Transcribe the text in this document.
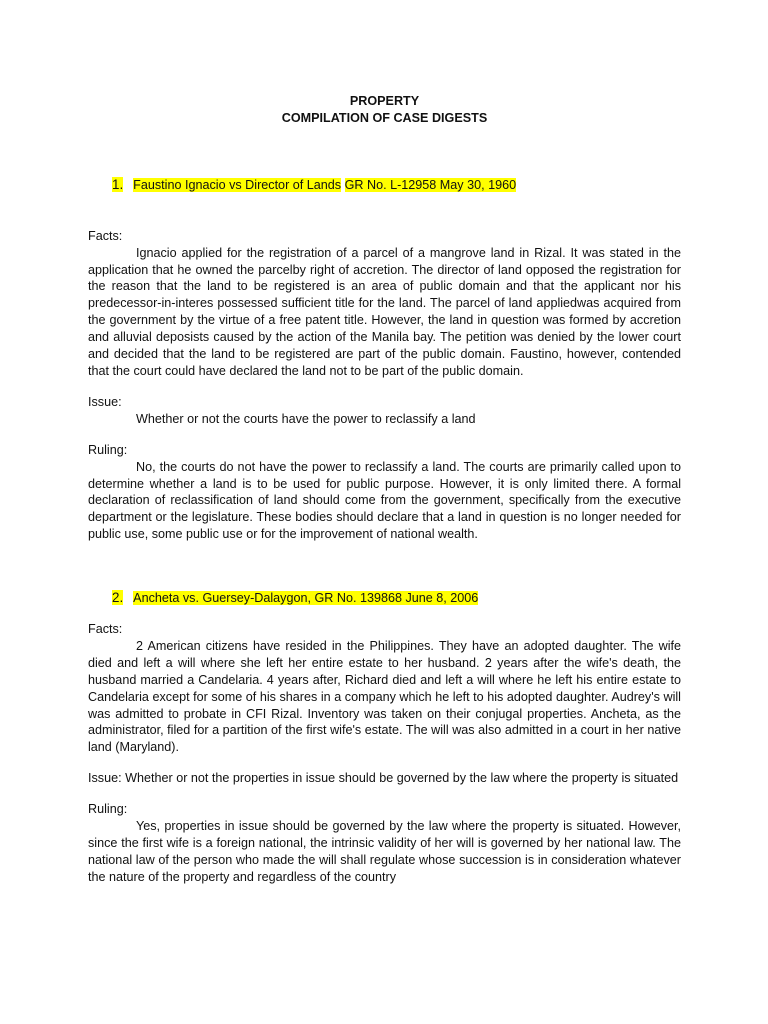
PROPERTY

COMPILATION OF CASE DIGESTS

1. Faustino Ignacio vs Director of Lands GR No. L-12958 May 30, 1960

Facts:

Ignacio applied for the registration of a parcel of a mangrove land in Rizal. It was stated in the application that he owned the parcelby right of accretion. The director of land opposed the registration for the reason that the land to be registered is an area of public domain and that the applicant nor his predecessor-in-interes possessed sufficient title for the land. The parcel of land appliedwas acquired from the government by the virtue of a free patent title. However, the land in question was formed by accretion and alluvial deposists caused by the action of the Manila bay. The petition was denied by the lower court and decided that the land to be registered are part of the public domain. Faustino, however, contended that the court could have declared the land not to be part of the public domain.

Issue:

Whether or not the courts have the power to reclassify a land

Ruling:

No, the courts do not have the power to reclassify a land. The courts are primarily called upon to determine whether a land is to be used for public purpose. However, it is only limited there. A formal declaration of reclassification of land should come from the government, specifically from the executive department or the legislature. These bodies should declare that a land in question is no longer needed for public use, some public use or for the improvement of national wealth.

2. Ancheta vs. Guersey-Dalaygon, GR No. 139868 June 8, 2006

Facts:

2 American citizens have resided in the Philippines. They have an adopted daughter. The wife died and left a will where she left her entire estate to her husband. 2 years after the wife's death, the husband married a Candelaria. 4 years after, Richard died and left a will where he left his entire estate to Candelaria except for some of his shares in a company which he left to his adopted daughter. Audrey's will was admitted to probate in CFI Rizal. Inventory was taken on their conjugal properties. Ancheta, as the administrator, filed for a partition of the first wife's estate. The will was also admitted in a court in her native land (Maryland).

Issue: Whether or not the properties in issue should be governed by the law where the property is situated

Ruling:

Yes, properties in issue should be governed by the law where the property is situated. However, since the first wife is a foreign national, the intrinsic validity of her will is governed by her national law. The national law of the person who made the will shall regulate whose succession is in consideration whatever the nature of the property and regardless of the country
